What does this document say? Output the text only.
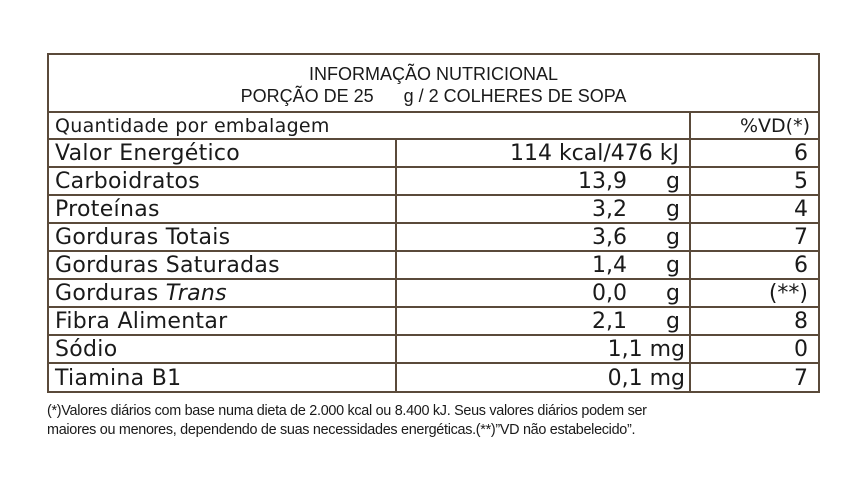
INFORMAÇÃO NUTRICIONAL
PORÇÃO DE 25 g / 2 COLHERES DE SOPA
Quantidade por embalagem	%VD(*)
Valor Energético	114 kcal/476 kJ	6
Carboidratos	13,9 g	5
Proteínas	3,2 g	4
Gorduras Totais	3,6 g	7
Gorduras Saturadas	1,4 g	6
Gorduras Trans	0,0 g	(**)
Fibra Alimentar	2,1 g	8
Sódio	1,1 mg	0
Tiamina B1	0,1 mg	7
(*)Valores diários com base numa dieta de 2.000 kcal ou 8.400 kJ. Seus valores diários podem ser
maiores ou menores, dependendo de suas necessidades energéticas.(**)”VD não estabelecido”.
